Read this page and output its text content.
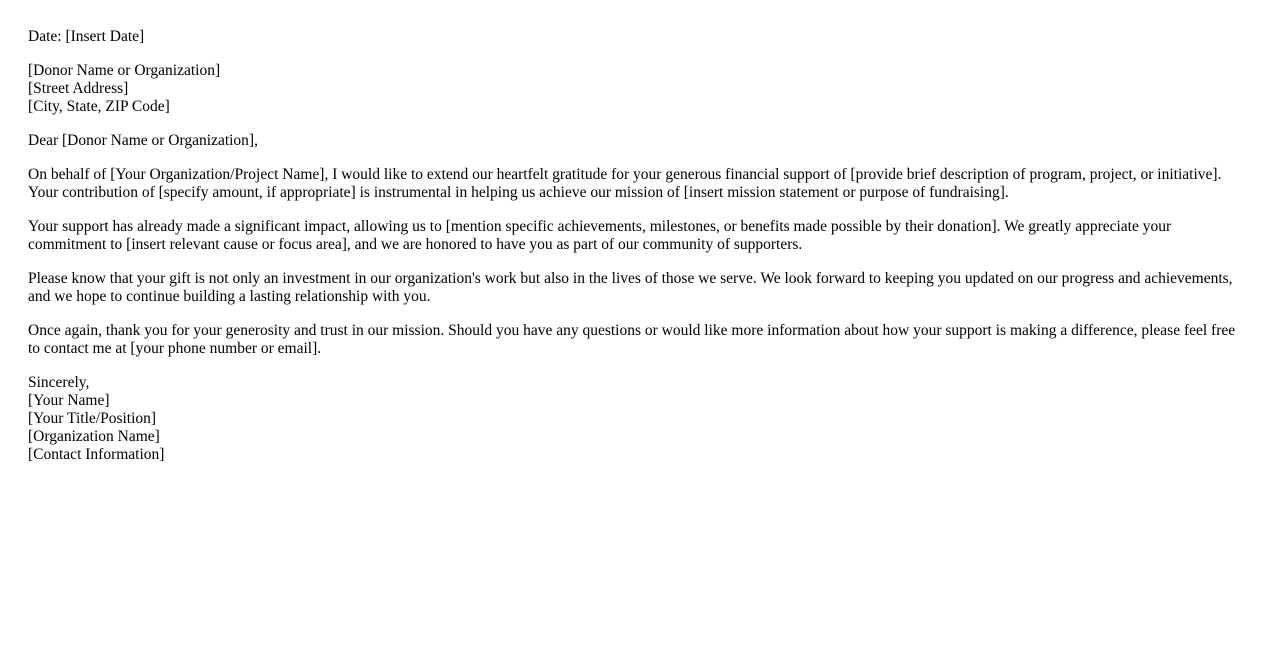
Date: [Insert Date]

[Donor Name or Organization]
[Street Address]
[City, State, ZIP Code]

Dear [Donor Name or Organization],

On behalf of [Your Organization/Project Name], I would like to extend our heartfelt gratitude for your generous financial support of [provide brief description of program, project, or initiative]. Your contribution of [specify amount, if appropriate] is instrumental in helping us achieve our mission of [insert mission statement or purpose of fundraising].

Your support has already made a significant impact, allowing us to [mention specific achievements, milestones, or benefits made possible by their donation]. We greatly appreciate your commitment to [insert relevant cause or focus area], and we are honored to have you as part of our community of supporters.

Please know that your gift is not only an investment in our organization's work but also in the lives of those we serve. We look forward to keeping you updated on our progress and achievements, and we hope to continue building a lasting relationship with you.

Once again, thank you for your generosity and trust in our mission. Should you have any questions or would like more information about how your support is making a difference, please feel free to contact me at [your phone number or email].

Sincerely,
[Your Name]
[Your Title/Position]
[Organization Name]
[Contact Information]
